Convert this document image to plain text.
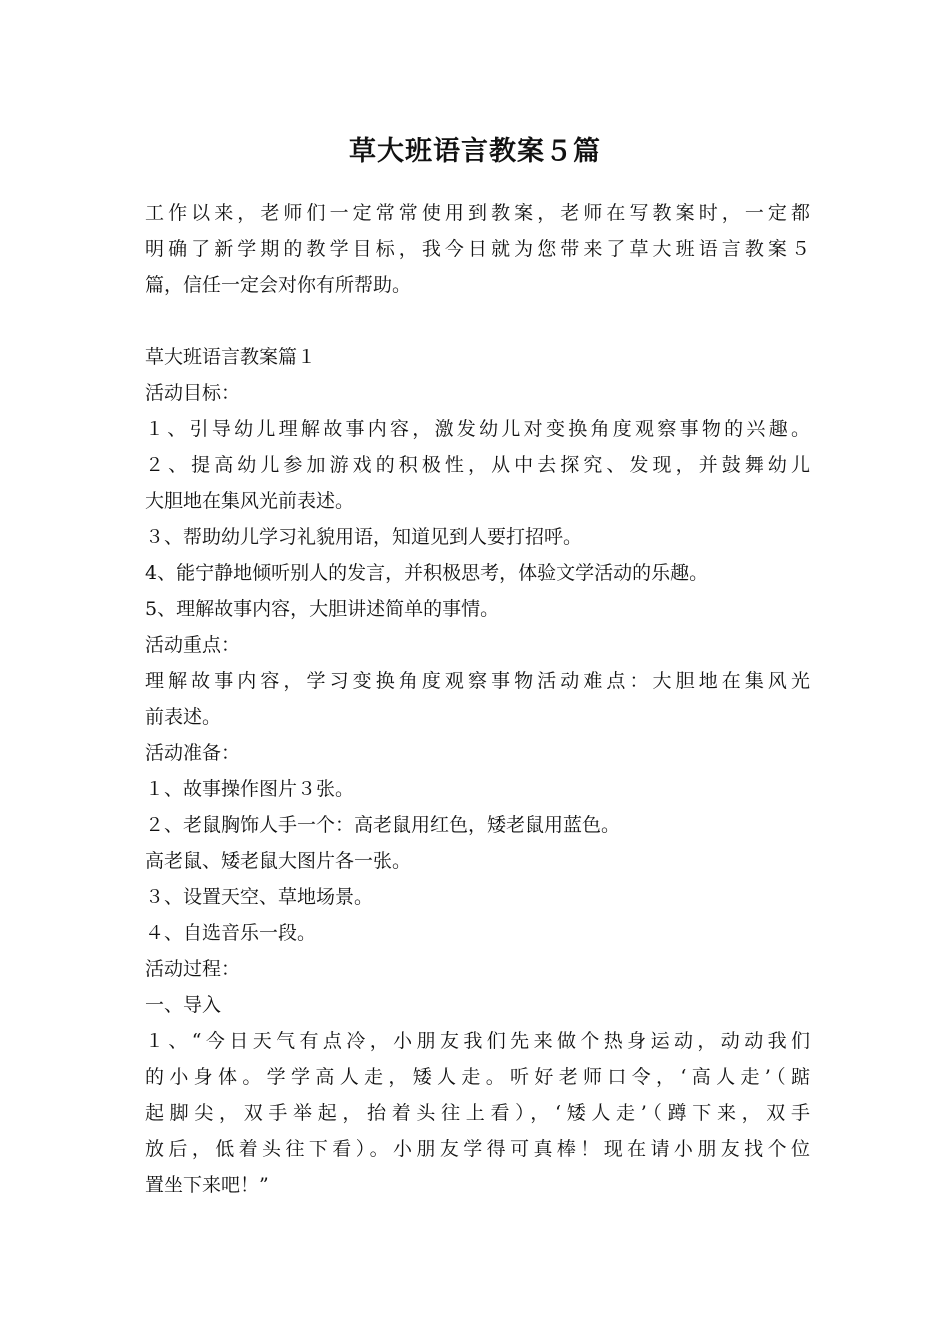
草大班语言教案５篇
工作以来，老师们一定常常使用到教案，老师在写教案时，一定都
明确了新学期的教学目标，我今日就为您带来了草大班语言教案５
篇，信任一定会对你有所帮助。
草大班语言教案篇１
活动目标：
１、引导幼儿理解故事内容，激发幼儿对变换角度观察事物的兴趣。
２、提高幼儿参加游戏的积极性，从中去探究、发现，并鼓舞幼儿
大胆地在集风光前表述。
３、帮助幼儿学习礼貌用语，知道见到人要打招呼。
4、能宁静地倾听别人的发言，并积极思考，体验文学活动的乐趣。
5、理解故事内容，大胆讲述简单的事情。
活动重点：
理解故事内容，学习变换角度观察事物活动难点：大胆地在集风光
前表述。
活动准备：
１、故事操作图片３张。
２、老鼠胸饰人手一个：高老鼠用红色，矮老鼠用蓝色。
高老鼠、矮老鼠大图片各一张。
３、设置天空、草地场景。
４、自选音乐一段。
活动过程：
一、导入
１、“今日天气有点冷，小朋友我们先来做个热身运动，动动我们
的小身体。学学高人走，矮人走。听好老师口令，‘高人走’（踮
起脚尖，双手举起，抬着头往上看），‘矮人走’（蹲下来，双手
放后，低着头往下看）。小朋友学得可真棒！现在请小朋友找个位
置坐下来吧！”
